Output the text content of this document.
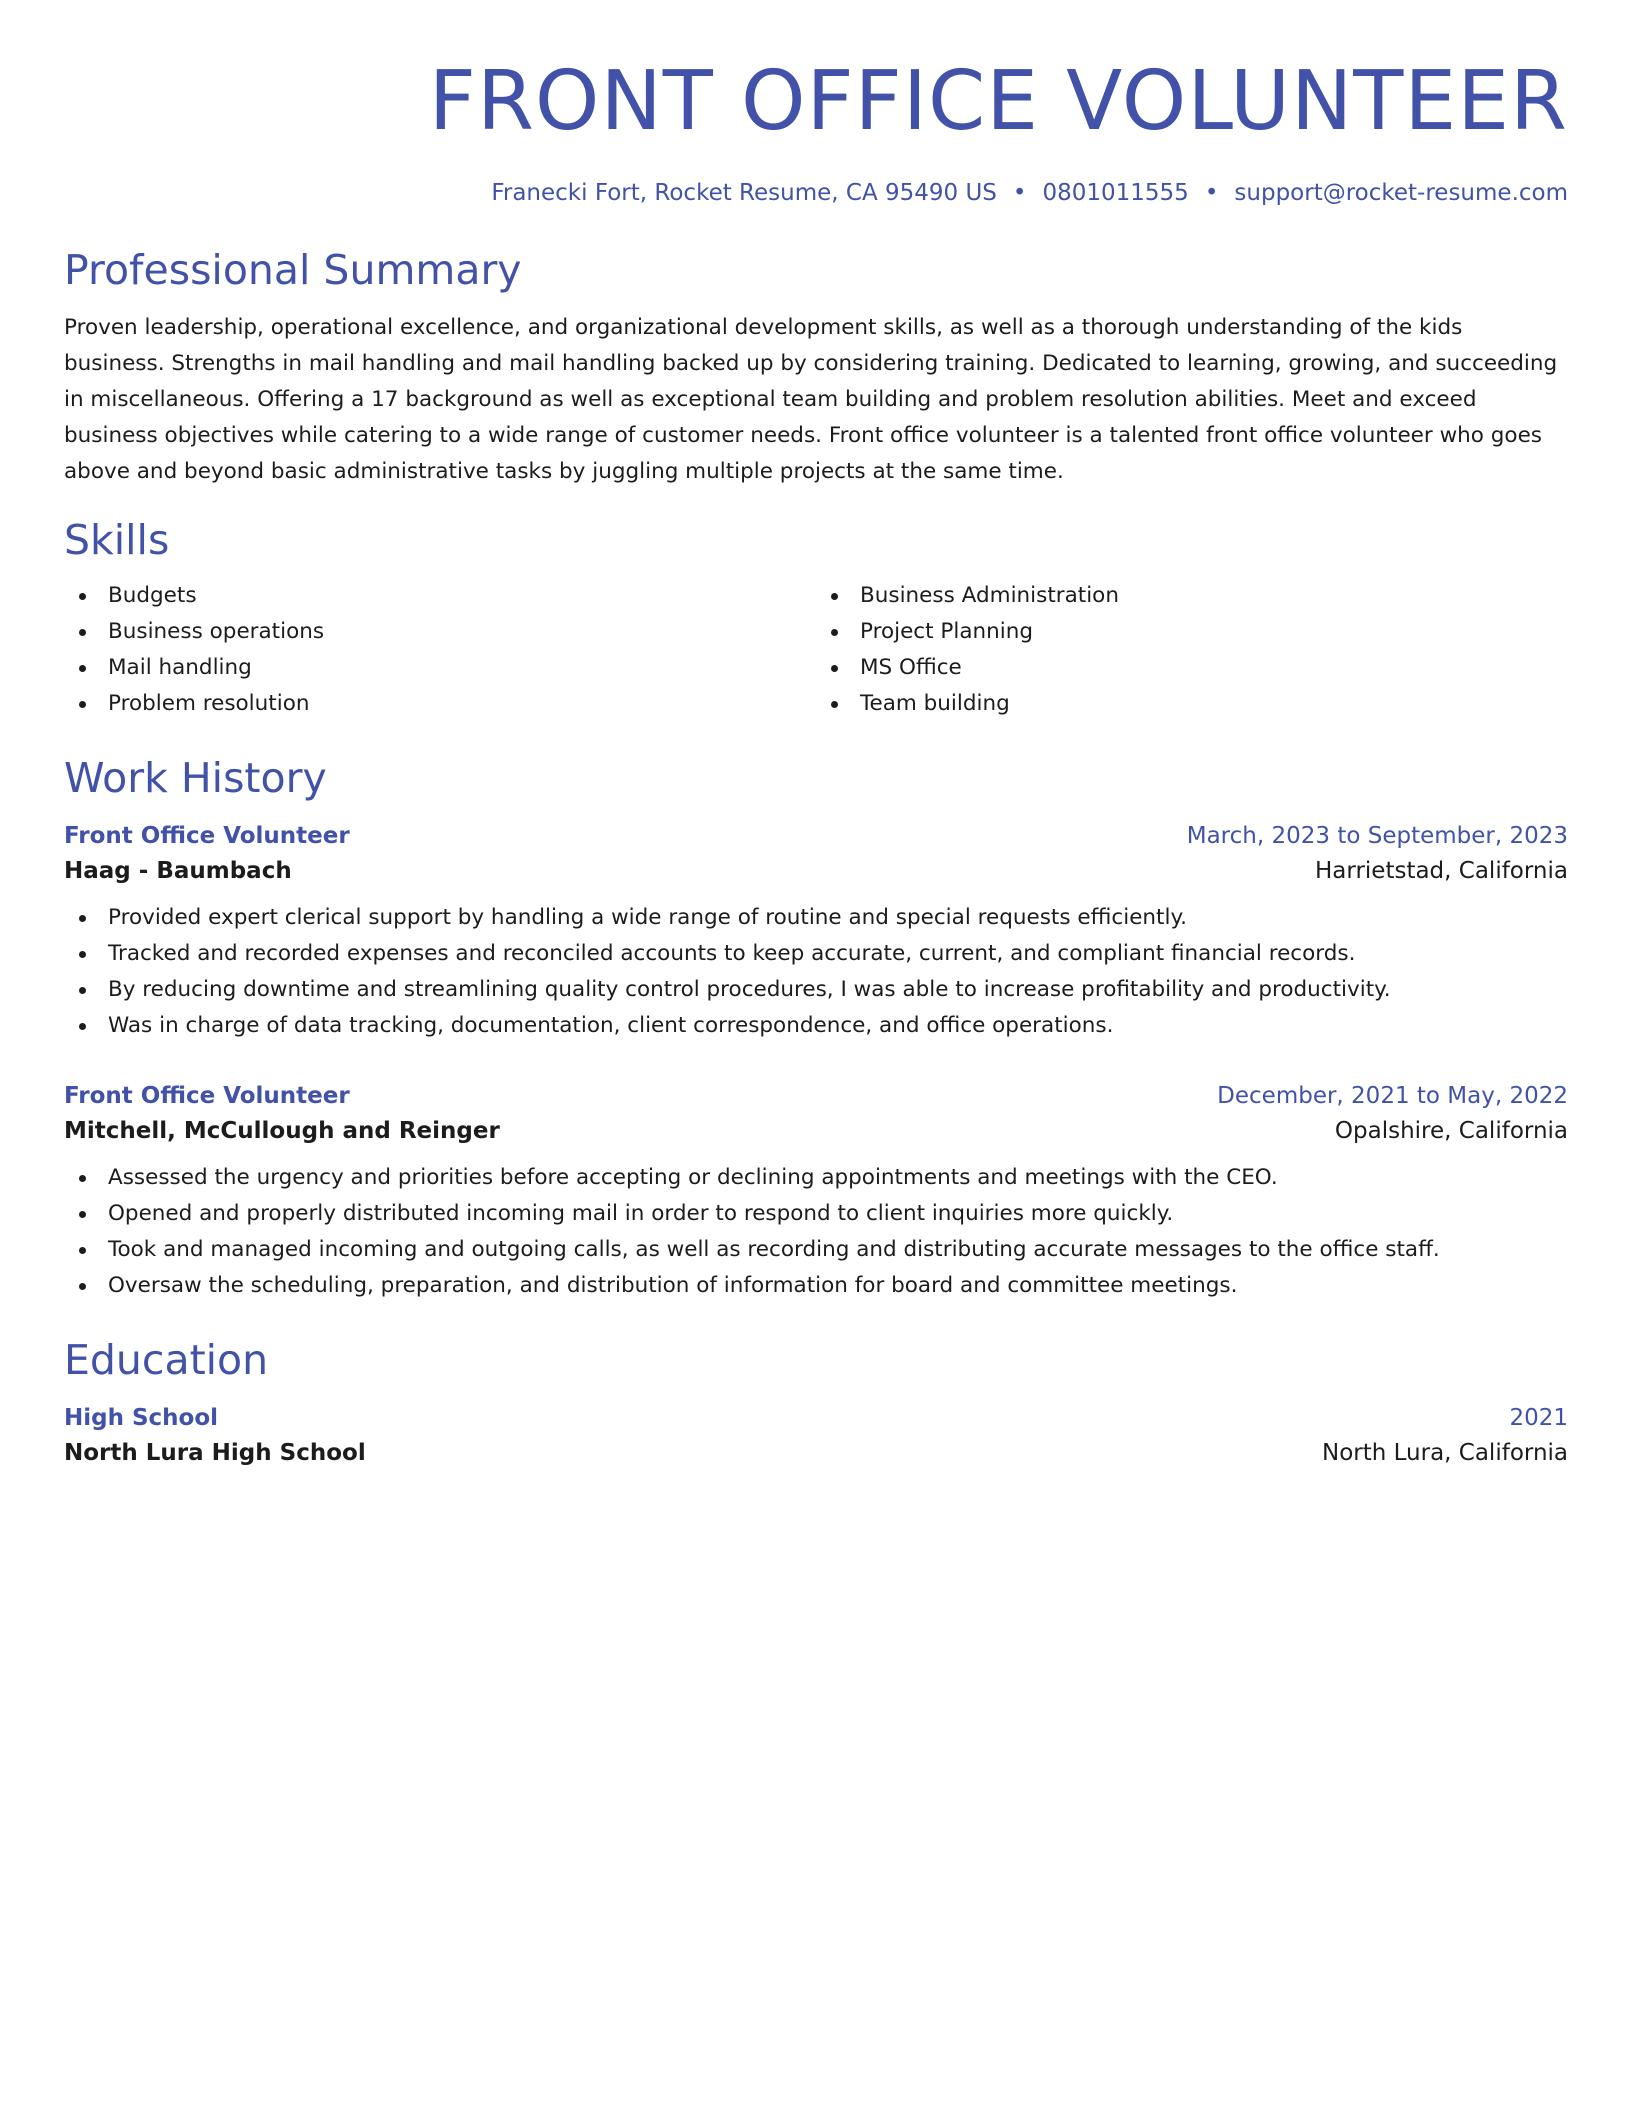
FRONT OFFICE VOLUNTEER
Franecki Fort, Rocket Resume, CA 95490 US • 0801011555 • support@rocket-resume.com
Professional Summary

Proven leadership, operational excellence, and organizational development skills, as well as a thorough understanding of the kids business. Strengths in mail handling and mail handling backed up by considering training. Dedicated to learning, growing, and succeeding in miscellaneous. Offering a 17 background as well as exceptional team building and problem resolution abilities. Meet and exceed business objectives while catering to a wide range of customer needs. Front office volunteer is a talented front office volunteer who goes above and beyond basic administrative tasks by juggling multiple projects at the same time.

Skills
Budgets
Business operations
Mail handling
Problem resolution
Business Administration
Project Planning
MS Office
Team building
Work History
Front Office Volunteer	March, 2023 to September, 2023
Haag - Baumbach	Harrietstad, California
Provided expert clerical support by handling a wide range of routine and special requests efficiently.
Tracked and recorded expenses and reconciled accounts to keep accurate, current, and compliant financial records.
By reducing downtime and streamlining quality control procedures, I was able to increase profitability and productivity.
Was in charge of data tracking, documentation, client correspondence, and office operations.
Front Office Volunteer	December, 2021 to May, 2022
Mitchell, McCullough and Reinger	Opalshire, California
Assessed the urgency and priorities before accepting or declining appointments and meetings with the CEO.
Opened and properly distributed incoming mail in order to respond to client inquiries more quickly.
Took and managed incoming and outgoing calls, as well as recording and distributing accurate messages to the office staff.
Oversaw the scheduling, preparation, and distribution of information for board and committee meetings.
Education
High School	2021
North Lura High School	North Lura, California
